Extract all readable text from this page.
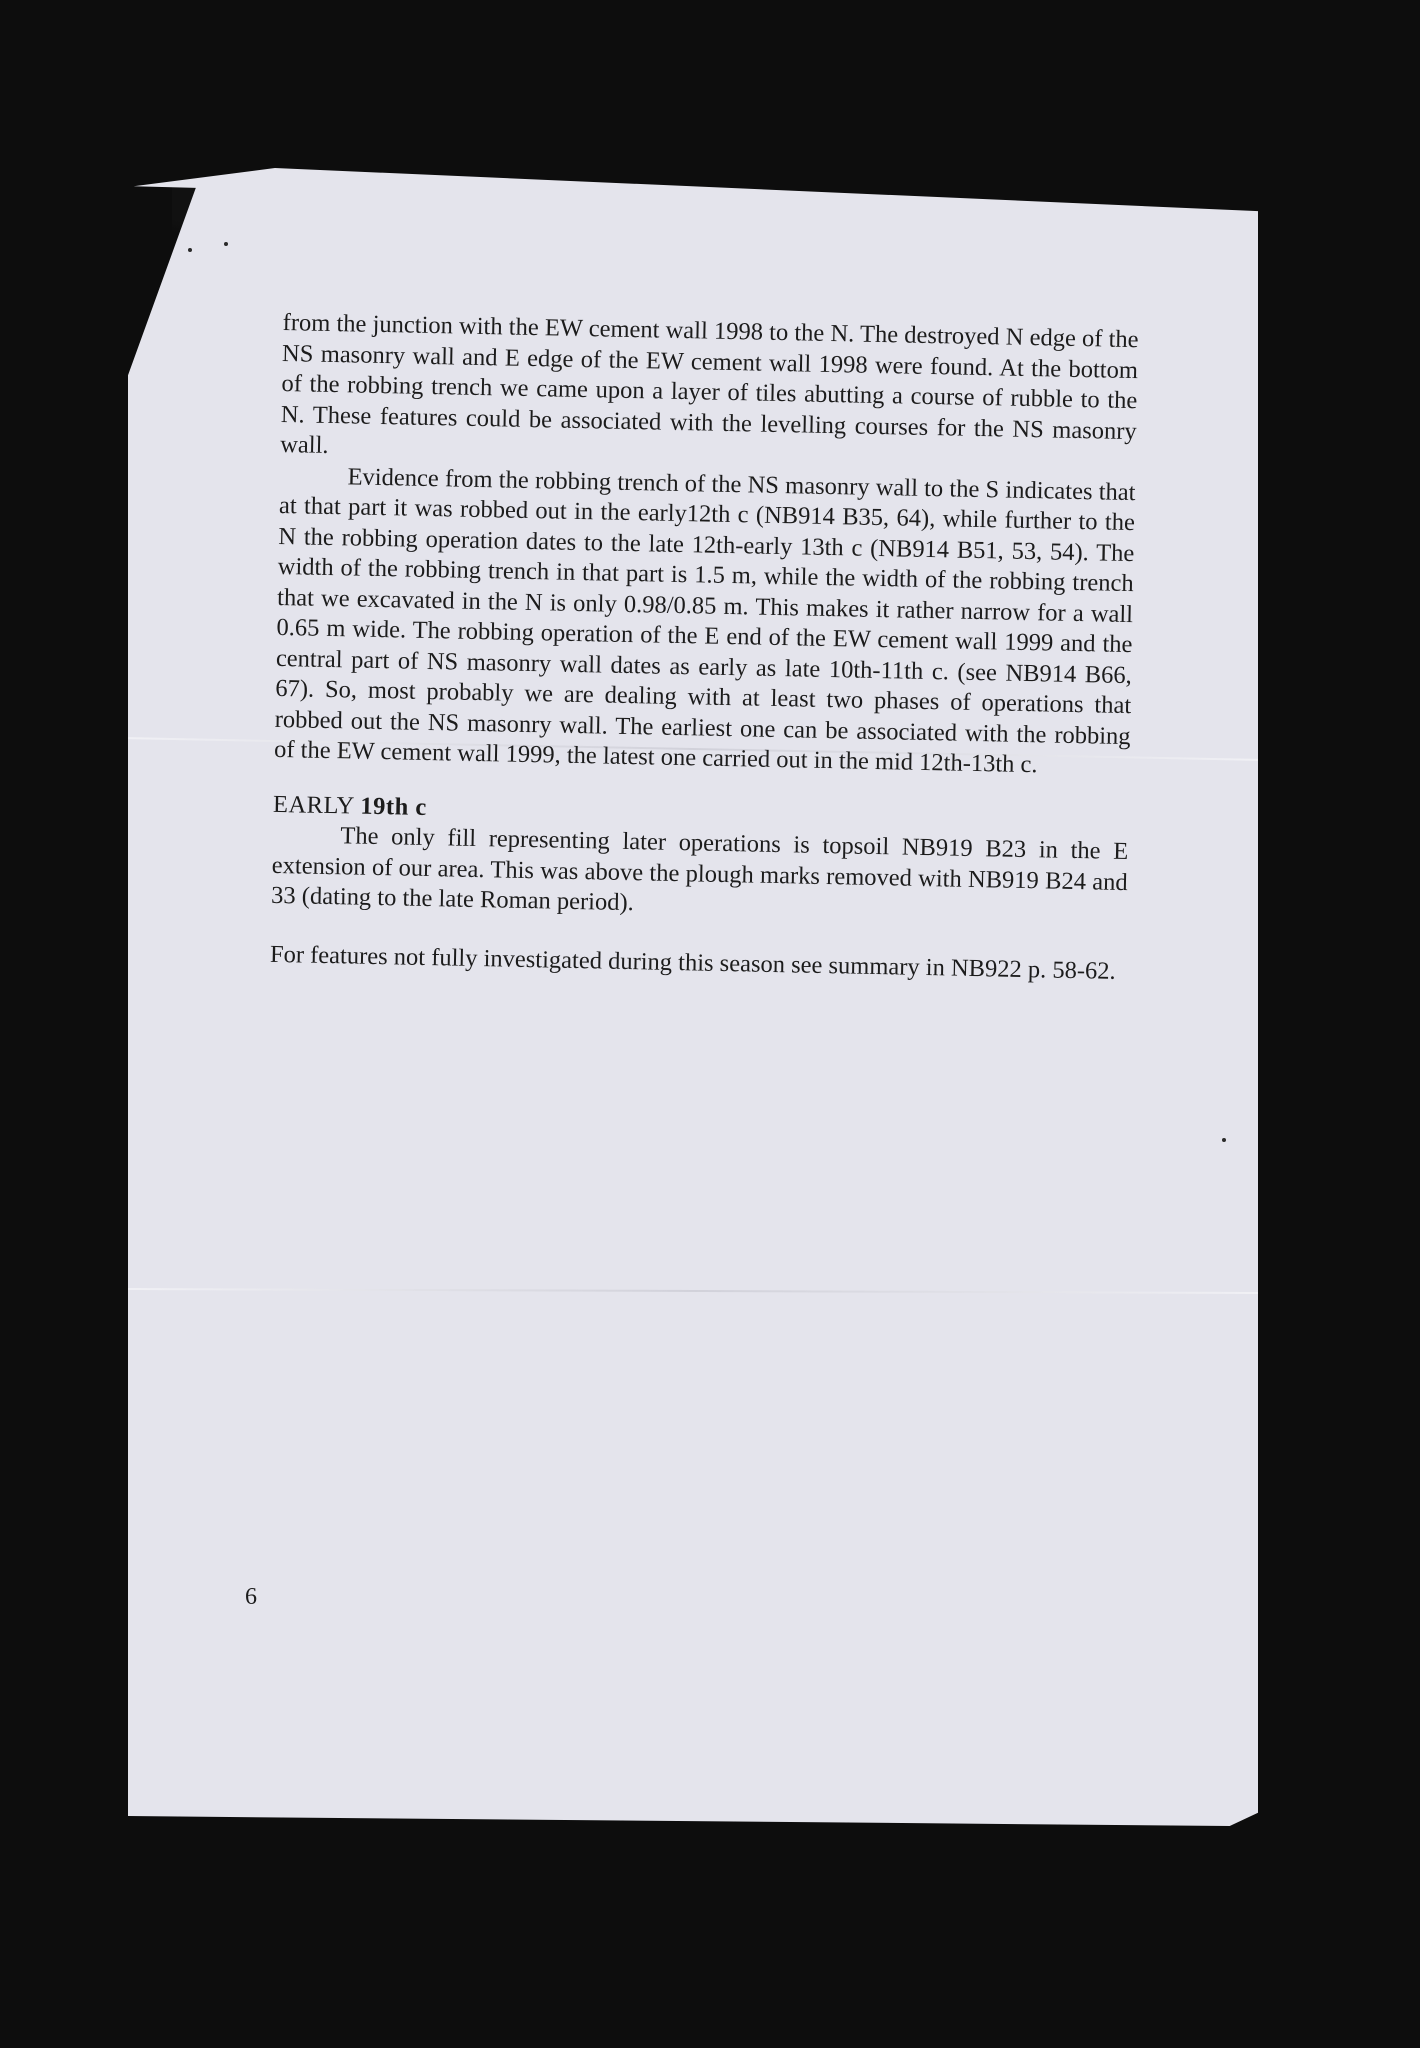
from the junction with the EW cement wall 1998 to the N. The destroyed N edge of the NS masonry wall and E edge of the EW cement wall 1998 were found. At the bottom of the robbing trench we came upon a layer of tiles abutting a course of rubble to the N. These features could be associated with the levelling courses for the NS masonry wall.

Evidence from the robbing trench of the NS masonry wall to the S indicates that at that part it was robbed out in the early12th c (NB914 B35, 64), while further to the N the robbing operation dates to the late 12th-early 13th c (NB914 B51, 53, 54). The width of the robbing trench in that part is 1.5 m, while the width of the robbing trench that we excavated in the N is only 0.98/0.85 m. This makes it rather narrow for a wall 0.65 m wide. The robbing operation of the E end of the EW cement wall 1999 and the central part of NS masonry wall dates as early as late 10th-11th c. (see NB914 B66, 67). So, most probably we are dealing with at least two phases of operations that robbed out the NS masonry wall. The earliest one can be associated with the robbing of the EW cement wall 1999, the latest one carried out in the mid 12th-13th c.

EARLY 19th c

The only fill representing later operations is topsoil NB919 B23 in the E extension of our area. This was above the plough marks removed with NB919 B24 and 33 (dating to the late Roman period).

For features not fully investigated during this season see summary in NB922 p. 58-62.

6
